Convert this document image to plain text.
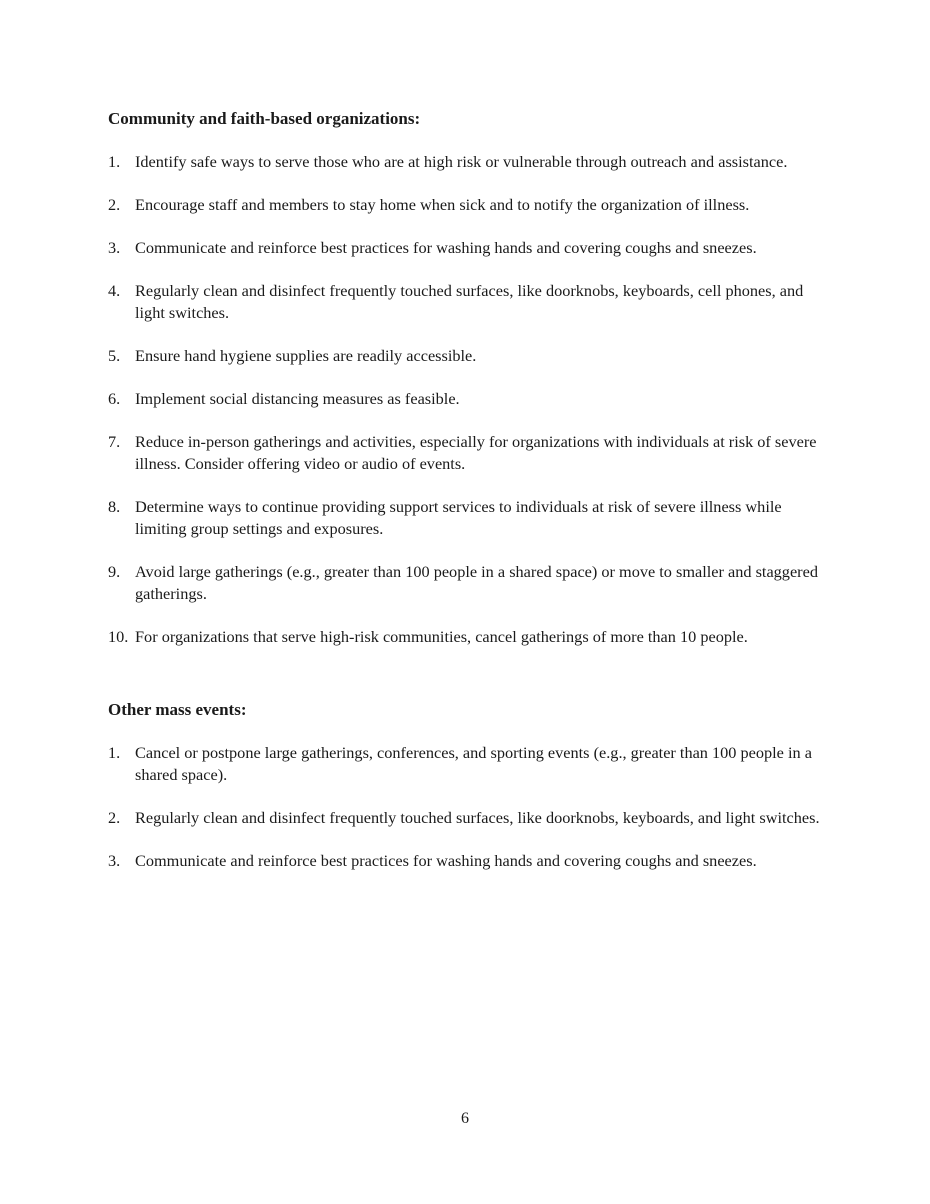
Community and faith-based organizations:
1. Identify safe ways to serve those who are at high risk or vulnerable through outreach and assistance.
2. Encourage staff and members to stay home when sick and to notify the organization of illness.
3. Communicate and reinforce best practices for washing hands and covering coughs and sneezes.
4. Regularly clean and disinfect frequently touched surfaces, like doorknobs, keyboards, cell phones, and light switches.
5. Ensure hand hygiene supplies are readily accessible.
6. Implement social distancing measures as feasible.
7. Reduce in-person gatherings and activities, especially for organizations with individuals at risk of severe illness. Consider offering video or audio of events.
8. Determine ways to continue providing support services to individuals at risk of severe illness while limiting group settings and exposures.
9. Avoid large gatherings (e.g., greater than 100 people in a shared space) or move to smaller and staggered gatherings.
10. For organizations that serve high-risk communities, cancel gatherings of more than 10 people.
Other mass events:
1. Cancel or postpone large gatherings, conferences, and sporting events (e.g., greater than 100 people in a shared space).
2. Regularly clean and disinfect frequently touched surfaces, like doorknobs, keyboards, and light switches.
3. Communicate and reinforce best practices for washing hands and covering coughs and sneezes.
6
